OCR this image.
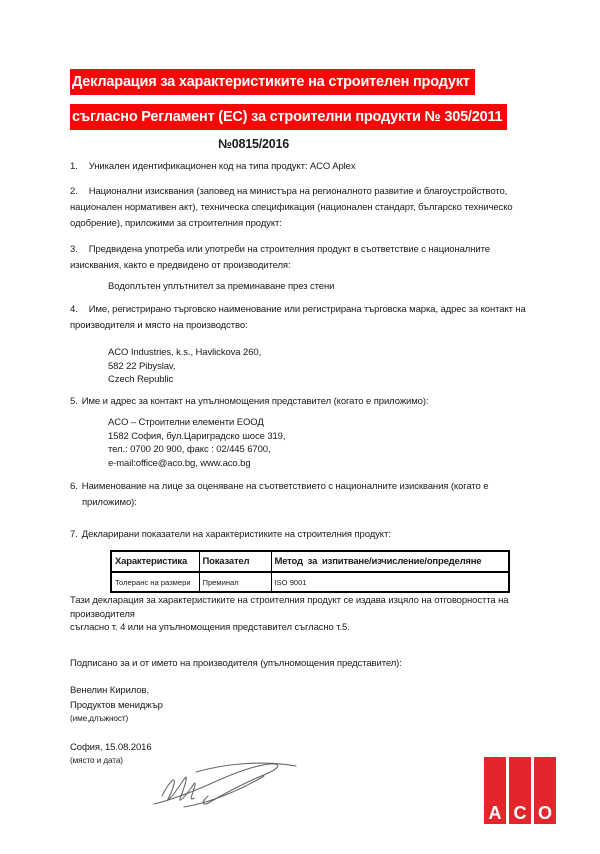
Декларация за характеристиките на строителен продукт
съгласно Регламент (ЕС) за строителни продукти № 305/2011
№0815/2016
1. Уникален идентификационен код на типа продукт: ACO Aplex
2. Национални изисквания (заповед на министъра на регионалното развитие и благоустройството, национален нормативен акт), техническа спецификация (национален стандарт, българско техническо одобрение), приложими за строителния продукт:
3. Предвидена употреба или употреби на строителния продукт в съответствие с националните изисквания, както е предвидено от производителя:
Водоплътен уплътнител за преминаване през стени
4. Име, регистрирано търговско наименование или регистрирана търговска марка, адрес за контакт на производителя и място на производство:
ACO Industries, k.s., Havlickova 260,
582 22 Pibyslav,
Czech Republic
5. Име и адрес за контакт на упълномощения представител (когато е приложимо):
ACO – Строителни елементи ЕООД
1582 София, бул.Цариградско шосе 319,
тел.: 0700 20 900, факс : 02/445 6700,
e-mail:office@aco.bg, www.aco.bg
6. Наименование на лице за оценяване на съответствието с националните изисквания (когато е приложимо):
7. Декларирани показатели на характеристиките на строителния продукт:
Характеристика	Показател	Метод  за  изпитване/изчисление/определяне
Толеранс на размери	Преминал	ISO 9001
Тази декларация за характеристиките на строителния продукт се издава изцяло на отговорността на производителя
съгласно т. 4 или на упълномощения представител съгласно т.5.
Подписано за и от името на производителя (упълномощения представител):
Венелин Кирилов,
Продуктов мениджър
(име,длъжност)
София, 15.08.2016
(място и дата)
A C O
